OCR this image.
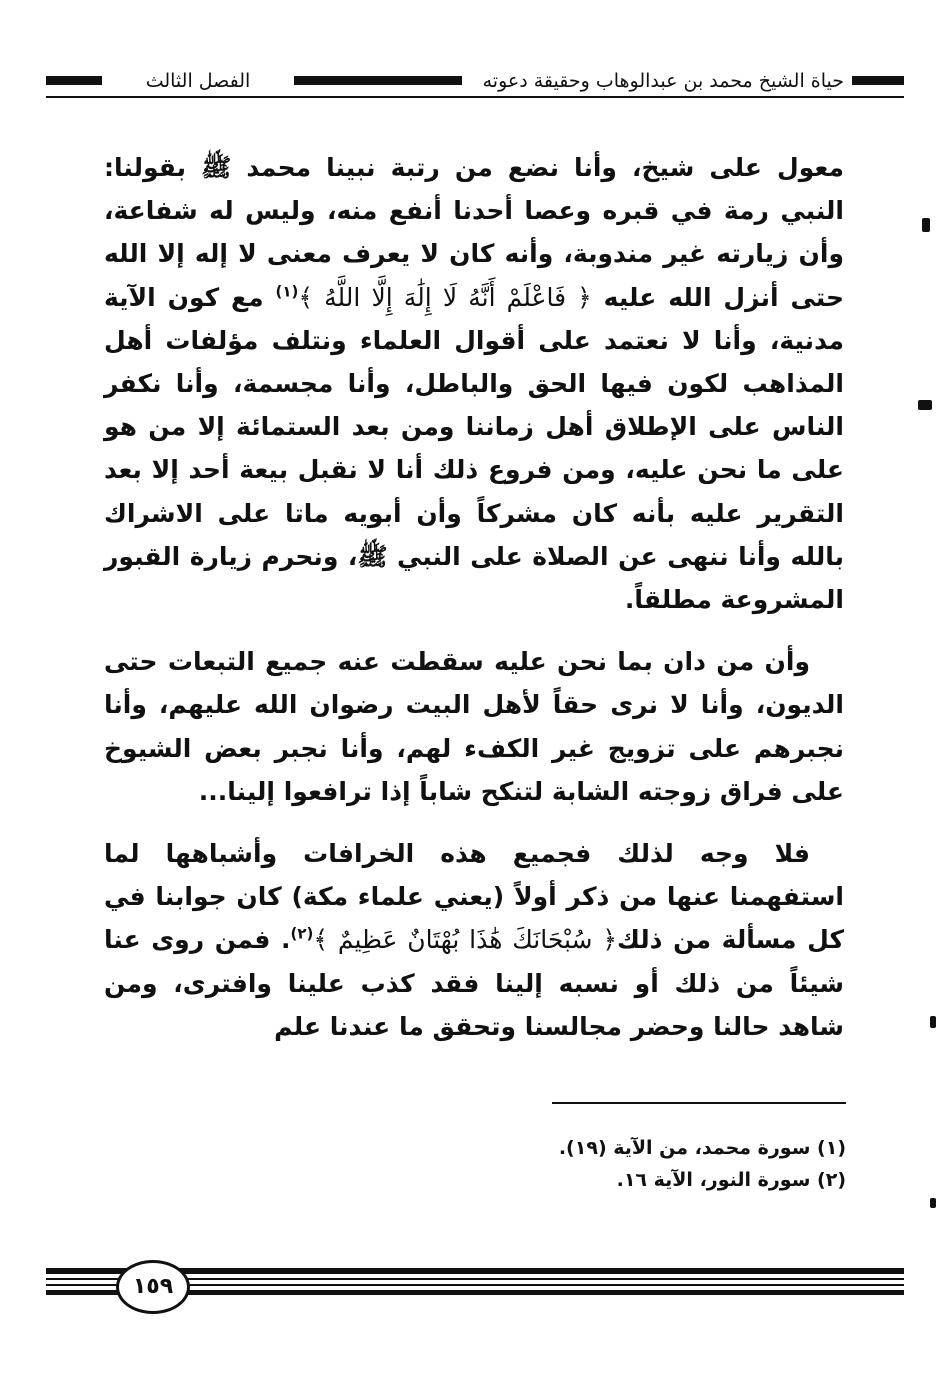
حياة الشيخ محمد بن عبدالوهاب وحقيقة دعوته
الفصل الثالث

معول على شيخ، وأنا نضع من رتبة نبينا محمد ﷺ بقولنا: النبي رمة في قبره وعصا أحدنا أنفع منه، وليس له شفاعة، وأن زيارته غير مندوبة، وأنه كان لا يعرف معنى لا إله إلا الله حتى أنزل الله عليه ﴿ فَاعْلَمْ أَنَّهُ لَا إِلَٰهَ إِلَّا اللَّهُ ﴾$^{(١)}$ مع كون الآية مدنية، وأنا لا نعتمد على أقوال العلماء ونتلف مؤلفات أهل المذاهب لكون فيها الحق والباطل، وأنا مجسمة، وأنا نكفر الناس على الإطلاق أهل زماننا ومن بعد الستمائة إلا من هو على ما نحن عليه، ومن فروع ذلك أنا لا نقبل بيعة أحد إلا بعد التقرير عليه بأنه كان مشركاً وأن أبويه ماتا على الاشراك بالله وأنا ننهى عن الصلاة على النبي ﷺ، ونحرم زيارة القبور المشروعة مطلقاً.

وأن من دان بما نحن عليه سقطت عنه جميع التبعات حتى الديون، وأنا لا نرى حقاً لأهل البيت رضوان الله عليهم، وأنا نجبرهم على تزويج غير الكفء لهم، وأنا نجبر بعض الشيوخ على فراق زوجته الشابة لتنكح شاباً إذا ترافعوا إلينا...

فلا وجه لذلك فجميع هذه الخرافات وأشباهها لما استفهمنا عنها من ذكر أولاً (يعني علماء مكة) كان جوابنا في كل مسألة من ذلك﴿ سُبْحَانَكَ هَٰذَا بُهْتَانٌ عَظِيمٌ ﴾$^{(٢)}$. فمن روى عنا شيئاً من ذلك أو نسبه إلينا فقد كذب علينا وافترى، ومن شاهد حالنا وحضر مجالسنا وتحقق ما عندنا علم

(١) سورة محمد، من الآية (١٩).
(٢) سورة النور، الآية ١٦.
١٥٩
